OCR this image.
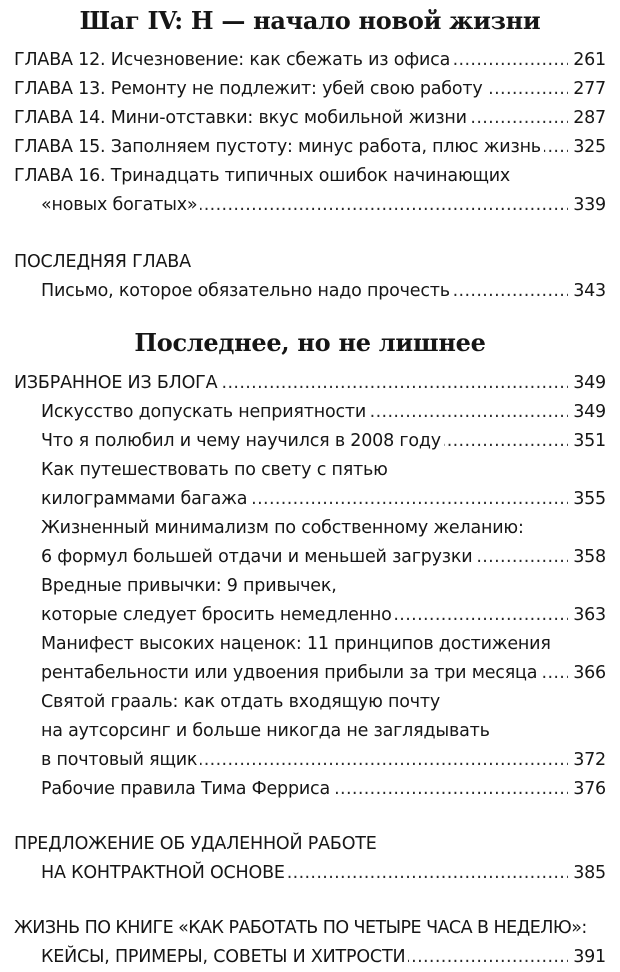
Шаг IV: Н — начало новой жизни
ГЛАВА 12. Исчезновение: как сбежать из офиса . . .	261
ГЛАВА 13. Ремонту не подлежит: убей свою работу . . .	277
ГЛАВА 14. Мини-отставки: вкус мобильной жизни . . .	287
ГЛАВА 15. Заполняем пустоту: минус работа, плюс жизнь . . . 325
ГЛАВА 16. Тринадцать типичных ошибок начинающих
«новых богатых» . . .	339
ПОСЛЕДНЯЯ ГЛАВА
Письмо, которое обязательно надо прочесть . . .	343
Последнее, но не лишнее
ИЗБРАННОЕ ИЗ БЛОГА . . .	349
Искусство допускать неприятности . . .	349
Что я полюбил и чему научился в 2008 году . . .	351
Как путешествовать по свету с пятью
килограммами багажа . . .	355
Жизненный минимализм по собственному желанию:
6 формул большей отдачи и меньшей загрузки . . .	358
Вредные привычки: 9 привычек,
которые следует бросить немедленно . . .	363
Манифест высоких наценок: 11 принципов достижения
рентабельности или удвоения прибыли за три месяца . . . 366
Святой грааль: как отдать входящую почту
на аутсорсинг и больше никогда не заглядывать
в почтовый ящик . . .	372
Рабочие правила Тима Ферриса . . .	376
ПРЕДЛОЖЕНИЕ ОБ УДАЛЕННОЙ РАБОТЕ
НА КОНТРАКТНОЙ ОСНОВЕ . . .	385
ЖИЗНЬ ПО КНИГЕ «КАК РАБОТАТЬ ПО ЧЕТЫРЕ ЧАСА В НЕДЕЛЮ»:
КЕЙСЫ, ПРИМЕРЫ, СОВЕТЫ И ХИТРОСТИ . . .	391
